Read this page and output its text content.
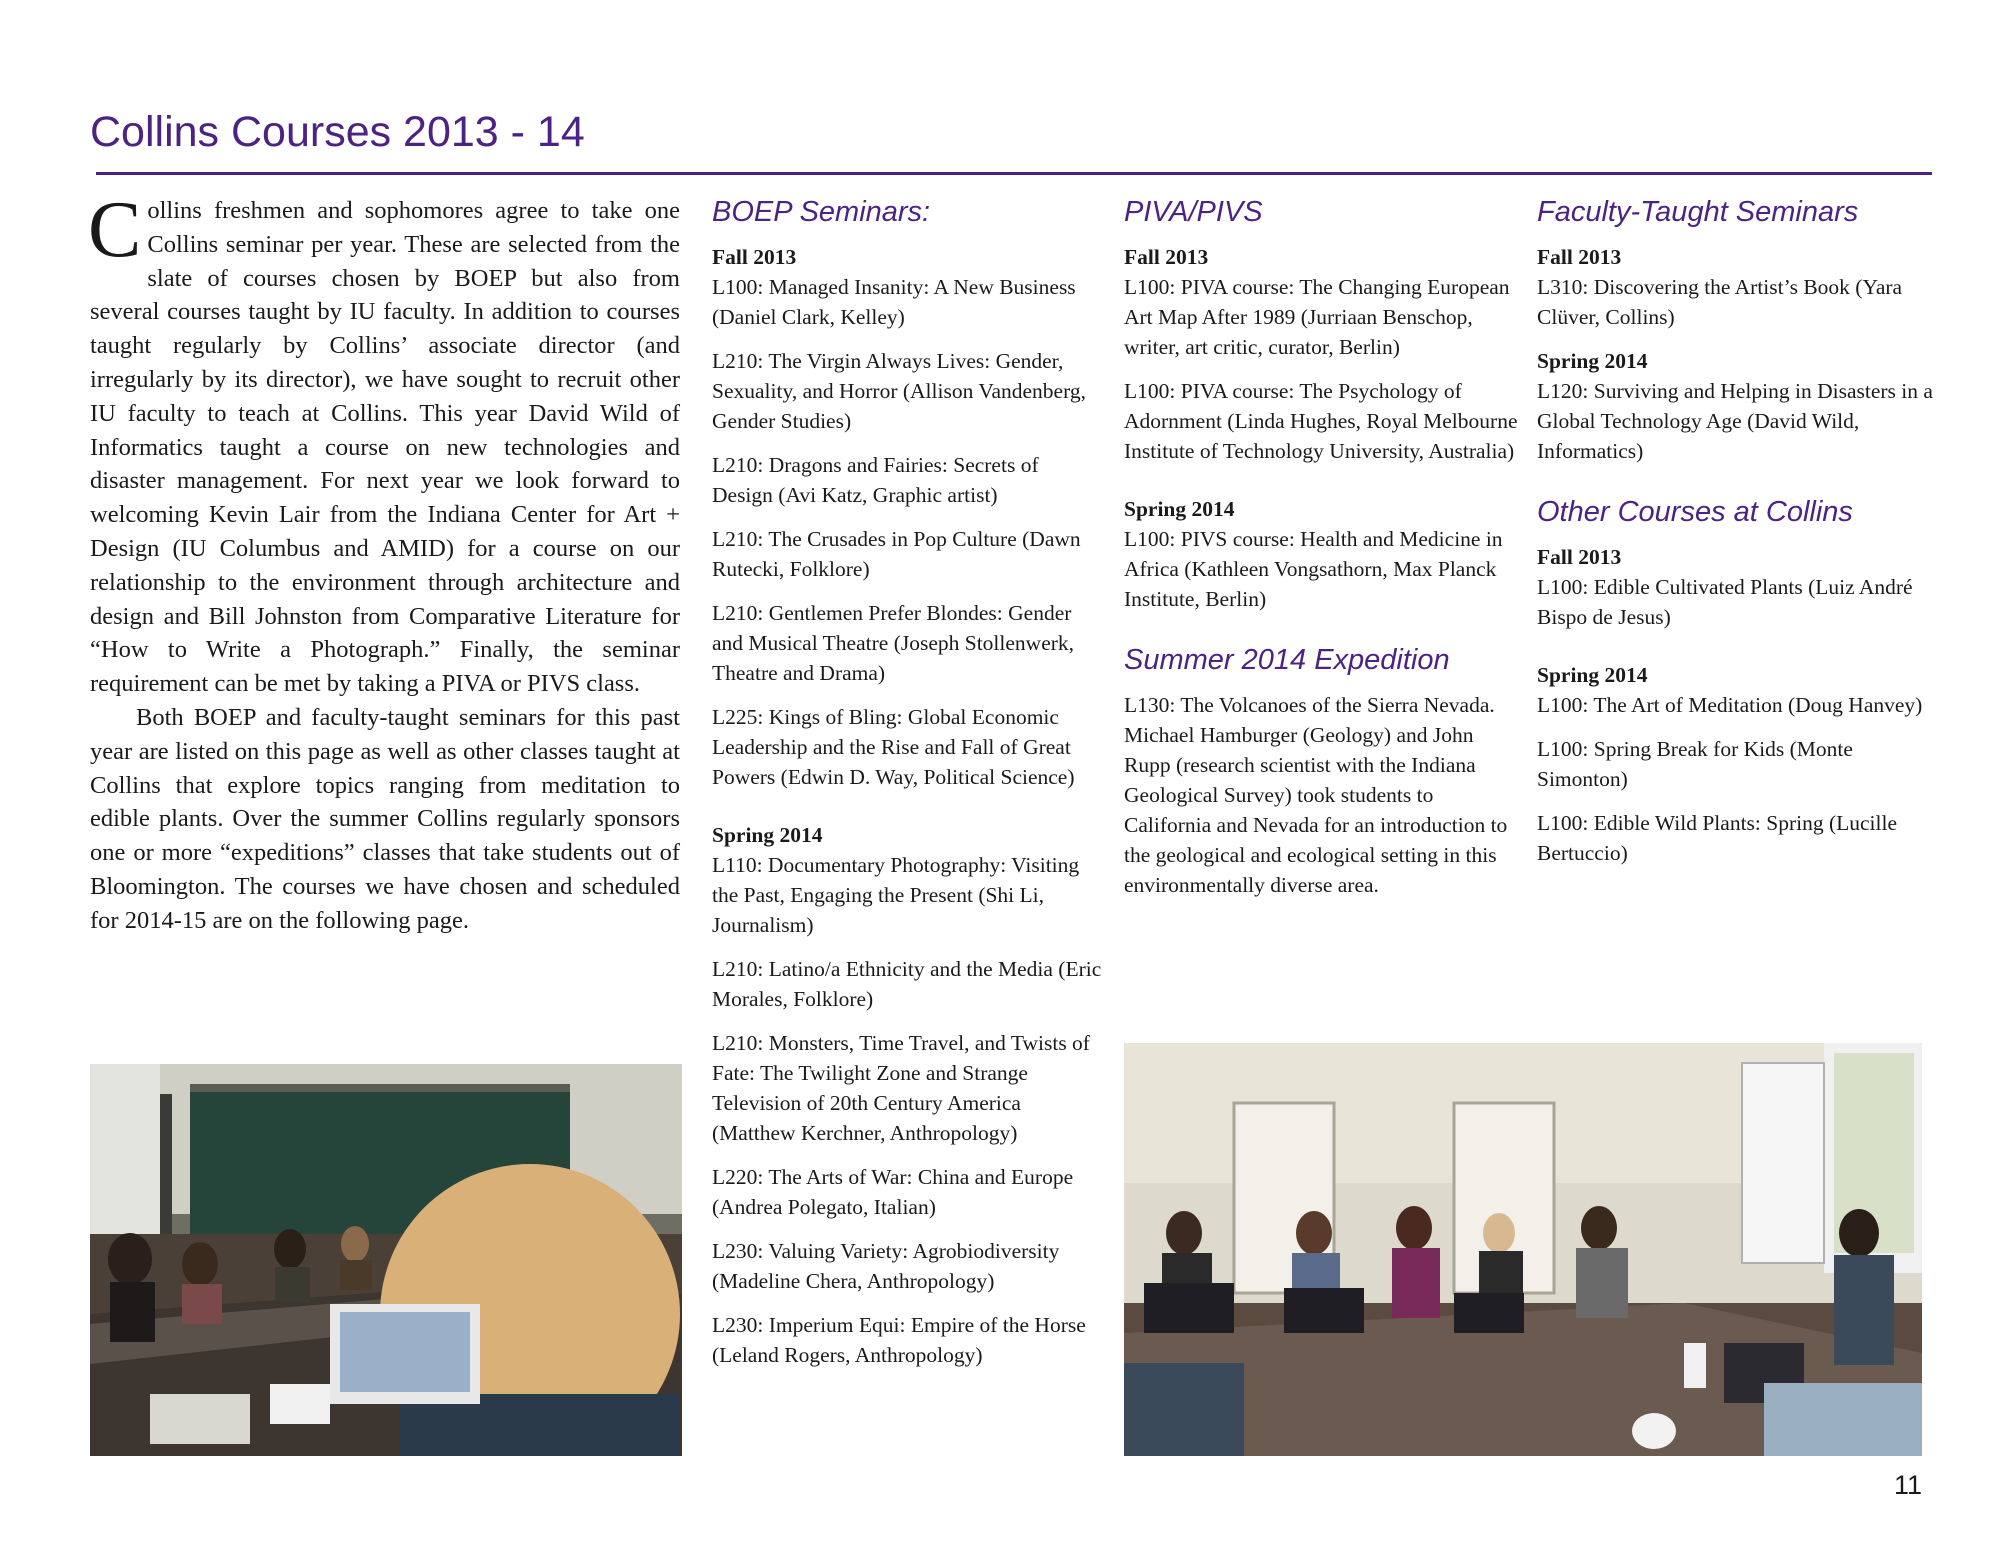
Collins Courses 2013 - 14

Collins freshmen and sophomores agree to take one Collins seminar per year. These are selected from the slate of courses chosen by BOEP but also from several courses taught by IU faculty. In addition to courses taught regularly by Collins’ associate director (and irregularly by its director), we have sought to recruit other IU faculty to teach at Collins. This year David Wild of Informatics taught a course on new technologies and disaster management. For next year we look forward to welcoming Kevin Lair from the Indiana Center for Art + Design (IU Columbus and AMID) for a course on our relationship to the environment through architecture and design and Bill Johnston from Comparative Literature for “How to Write a Photograph.” Finally, the seminar requirement can be met by taking a PIVA or PIVS class.

Both BOEP and faculty-taught seminars for this past year are listed on this page as well as other classes taught at Collins that explore topics ranging from meditation to edible plants. Over the summer Collins regularly sponsors one or more “expeditions” classes that take students out of Bloomington. The courses we have chosen and scheduled for 2014-15 are on the following page.

BOEP Seminars:

Fall 2013

L100: Managed Insanity: A New Business (Daniel Clark, Kelley)

L210: The Virgin Always Lives: Gender, Sexuality, and Horror (Allison Vandenberg, Gender Studies)

L210: Dragons and Fairies: Secrets of Design (Avi Katz, Graphic artist)

L210: The Crusades in Pop Culture (Dawn Rutecki, Folklore)

L210: Gentlemen Prefer Blondes: Gender and Musical Theatre (Joseph Stollenwerk, Theatre and Drama)

L225: Kings of Bling: Global Economic Leadership and the Rise and Fall of Great Powers (Edwin D. Way, Political Science)

Spring 2014

L110: Documentary Photography: Visiting the Past, Engaging the Present (Shi Li, Journalism)

L210: Latino/a Ethnicity and the Media (Eric Morales, Folklore)

L210: Monsters, Time Travel, and Twists of Fate: The Twilight Zone and Strange Television of 20th Century America (Matthew Kerchner, Anthropology)

L220: The Arts of War: China and Europe (Andrea Polegato, Italian)

L230: Valuing Variety: Agrobiodiversity (Madeline Chera, Anthropology)

L230: Imperium Equi: Empire of the Horse (Leland Rogers, Anthropology)

PIVA/PIVS

Fall 2013

L100: PIVA course: The Changing European Art Map After 1989 (Jurriaan Benschop, writer, art critic, curator, Berlin)

L100: PIVA course: The Psychology of Adornment (Linda Hughes, Royal Melbourne Institute of Technology University, Australia)

Spring 2014

L100: PIVS course: Health and Medicine in Africa (Kathleen Vongsathorn, Max Planck Institute, Berlin)

Summer 2014 Expedition

L130: The Volcanoes of the Sierra Nevada. Michael Hamburger (Geology) and John Rupp (research scientist with the Indiana Geological Survey) took students to California and Nevada for an introduction to the geological and ecological setting in this environmentally diverse area.

Faculty-Taught Seminars

Fall 2013

L310: Discovering the Artist’s Book (Yara Clüver, Collins)

Spring 2014

L120: Surviving and Helping in Disasters in a Global Technology Age (David Wild, Informatics)

Other Courses at Collins

Fall 2013

L100: Edible Cultivated Plants (Luiz André Bispo de Jesus)

Spring 2014

L100: The Art of Meditation (Doug Hanvey)

L100: Spring Break for Kids (Monte Simonton)

L100: Edible Wild Plants: Spring (Lucille Bertuccio)

11
